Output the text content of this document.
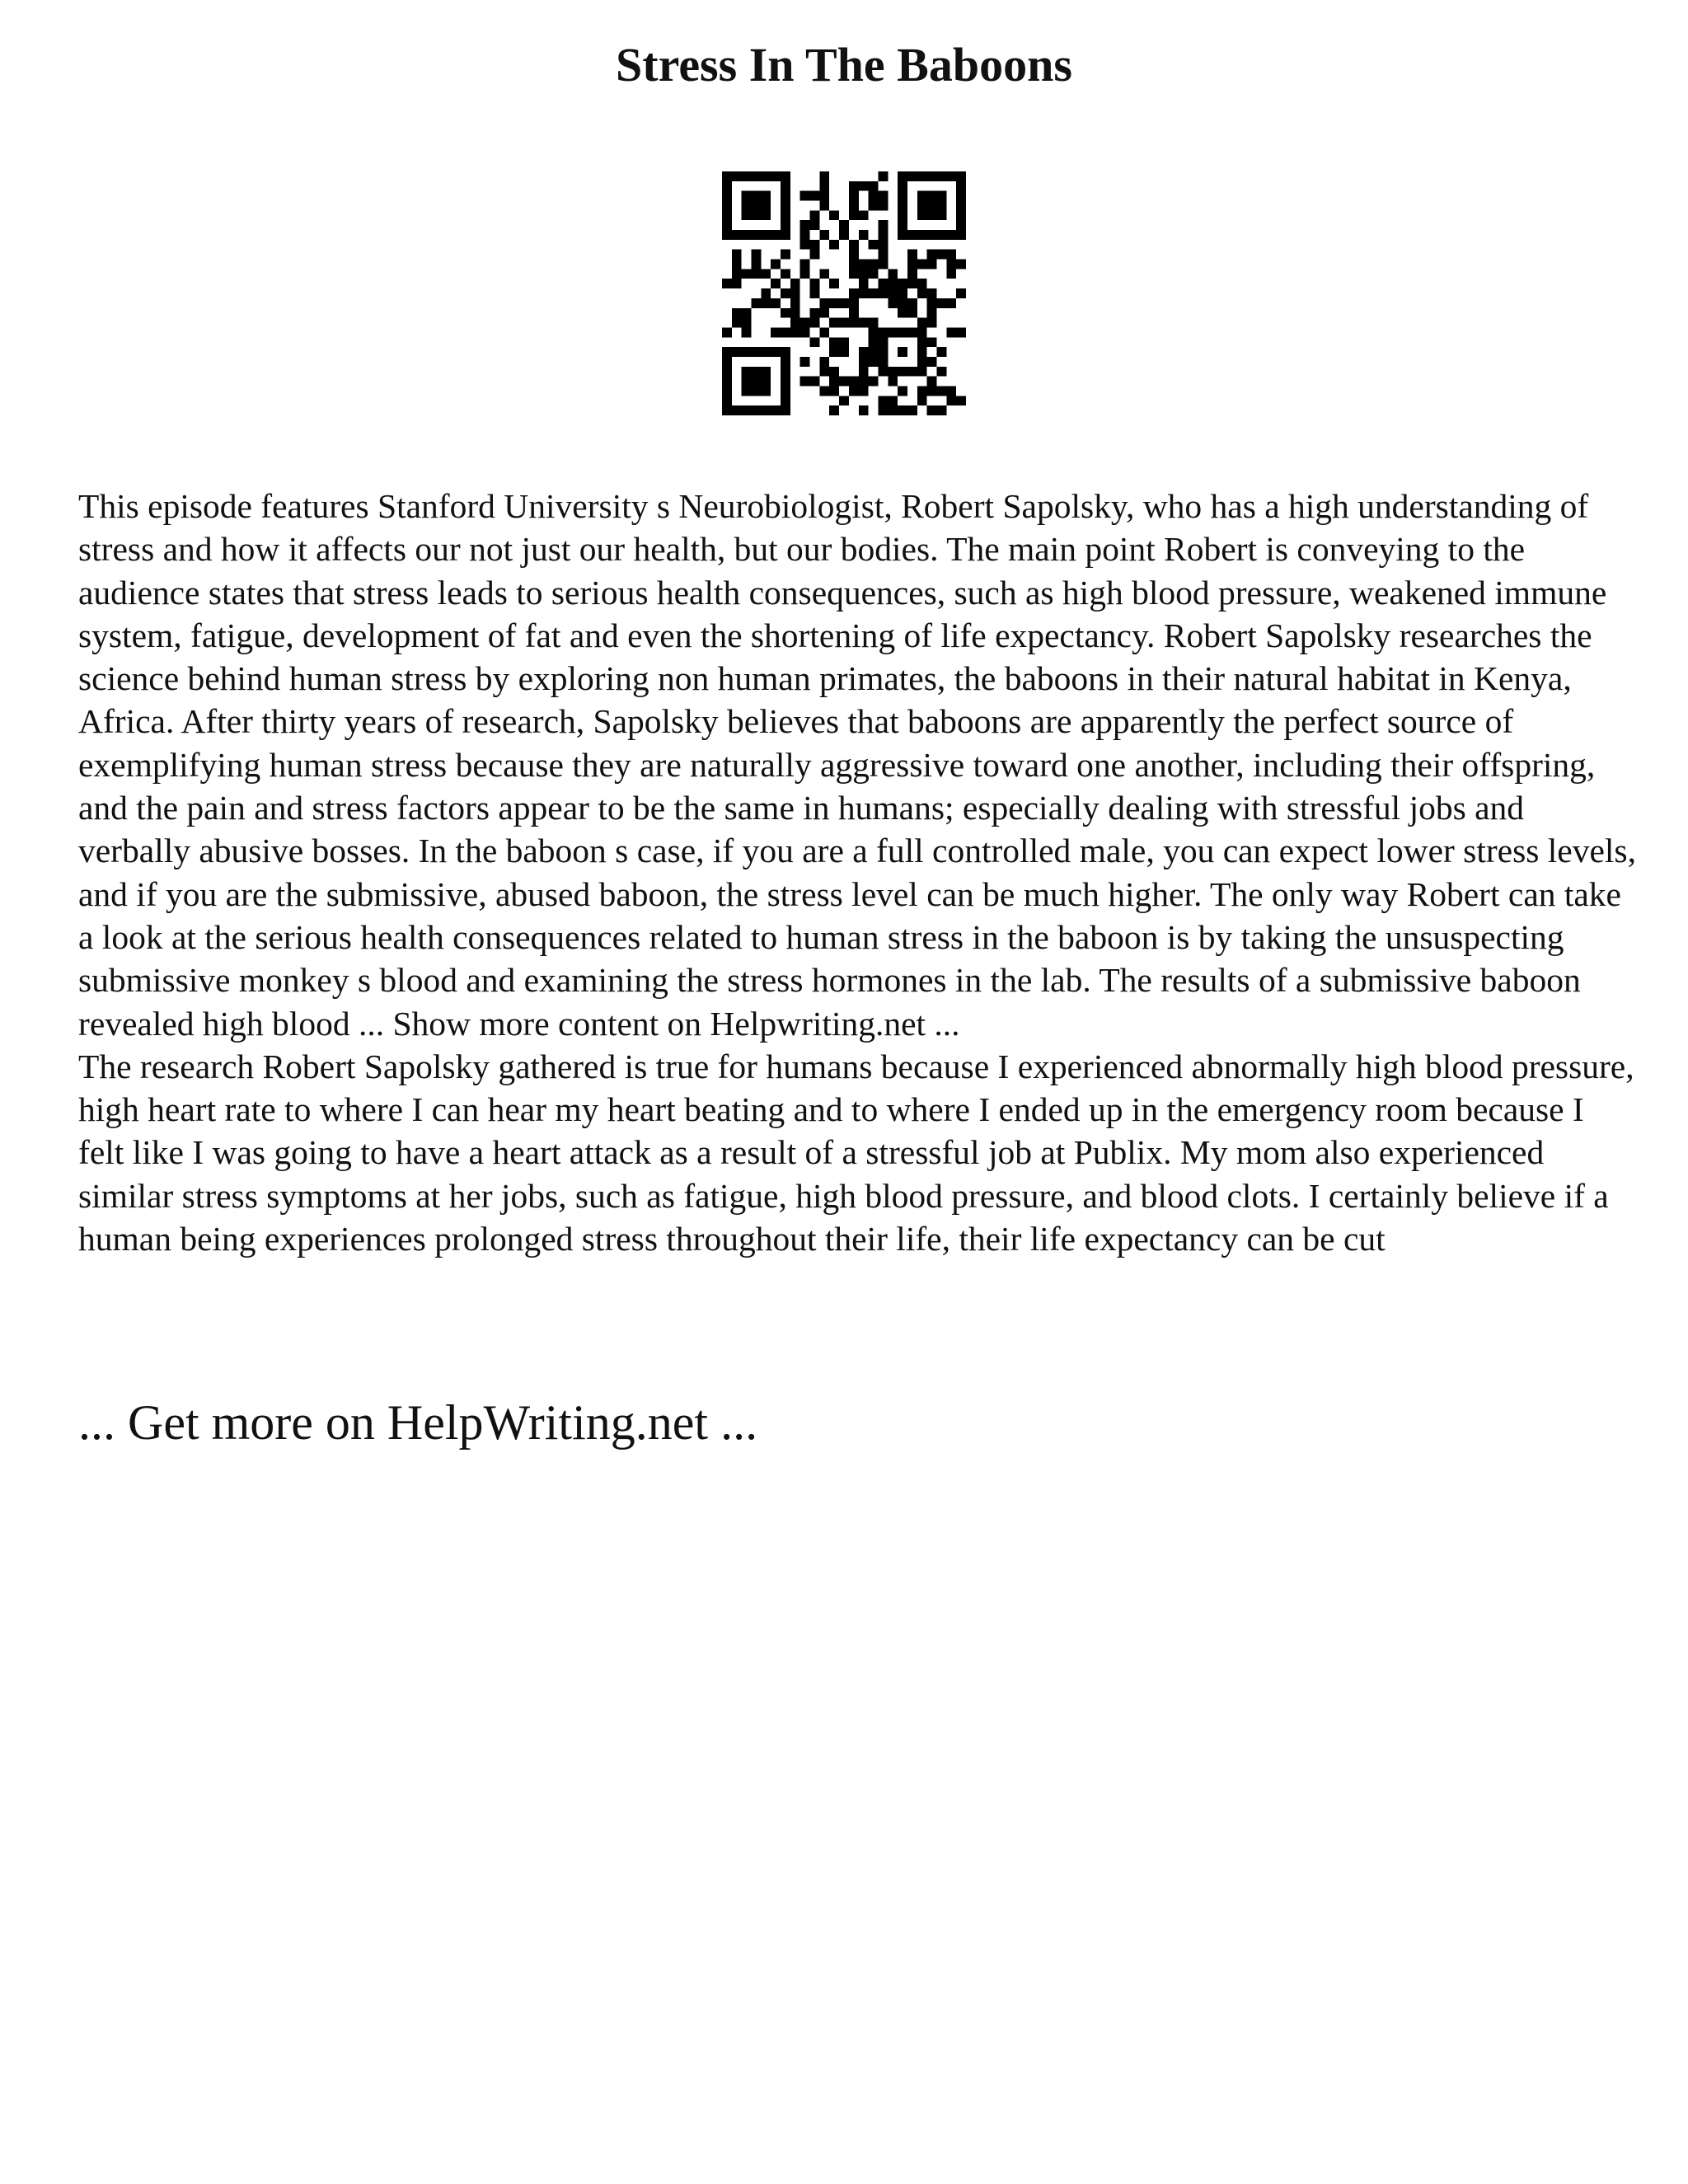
Stress In The Baboons

This episode features Stanford University s Neurobiologist, Robert Sapolsky, who has a high understanding of stress and how it affects our not just our health, but our bodies. The main point Robert is conveying to the audience states that stress leads to serious health consequences, such as high blood pressure, weakened immune system, fatigue, development of fat and even the shortening of life expectancy. Robert Sapolsky researches the science behind human stress by exploring non human primates, the baboons in their natural habitat in Kenya, Africa. After thirty years of research, Sapolsky believes that baboons are apparently the perfect source of exemplifying human stress because they are naturally aggressive toward one another, including their offspring, and the pain and stress factors appear to be the same in humans; especially dealing with stressful jobs and verbally abusive bosses. In the baboon s case, if you are a full controlled male, you can expect lower stress levels, and if you are the submissive, abused baboon, the stress level can be much higher. The only way Robert can take a look at the serious health consequences related to human stress in the baboon is by taking the unsuspecting submissive monkey s blood and examining the stress hormones in the lab. The results of a submissive baboon revealed high blood ... Show more content on Helpwriting.net ...

The research Robert Sapolsky gathered is true for humans because I experienced abnormally high blood pressure, high heart rate to where I can hear my heart beating and to where I ended up in the emergency room because I felt like I was going to have a heart attack as a result of a stressful job at Publix. My mom also experienced similar stress symptoms at her jobs, such as fatigue, high blood pressure, and blood clots. I certainly believe if a human being experiences prolonged stress throughout their life, their life expectancy can be cut

... Get more on HelpWriting.net ...
